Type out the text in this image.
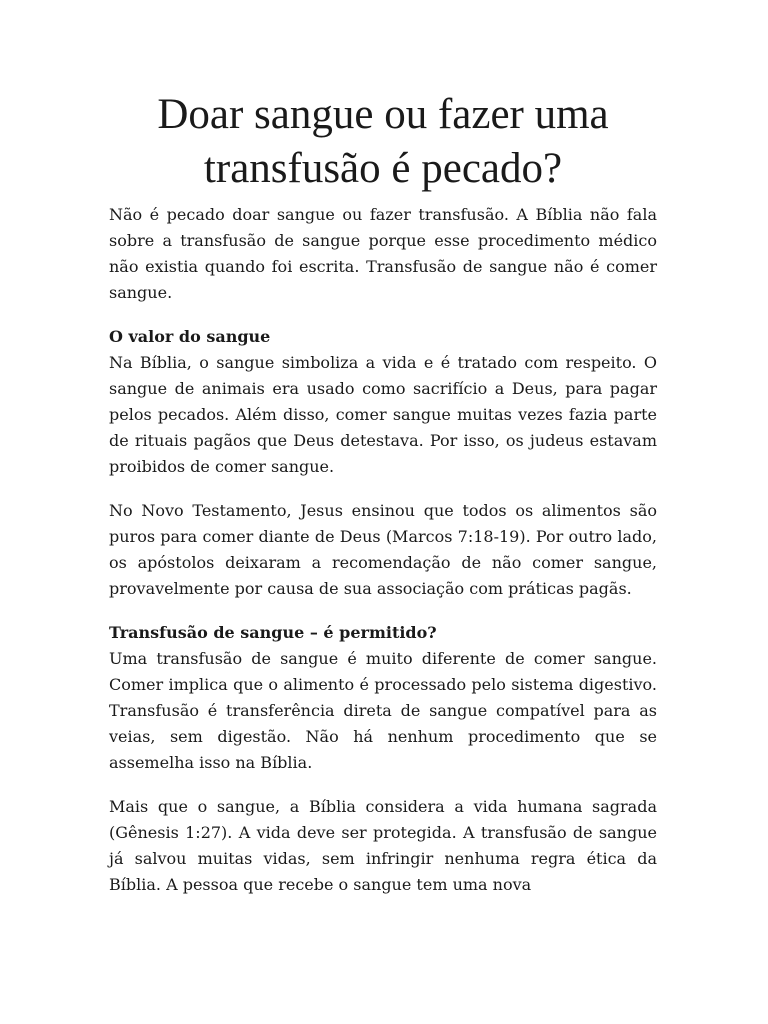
Doar sangue ou fazer uma
transfusão é pecado?

Não é pecado doar sangue ou fazer transfusão. A Bíblia não fala sobre a transfusão de sangue porque esse procedimento médico não existia quando foi escrita. Transfusão de sangue não é comer sangue.

O valor do sangue

Na Bíblia, o sangue simboliza a vida e é tratado com respeito. O sangue de animais era usado como sacrifício a Deus, para pagar pelos pecados. Além disso, comer sangue muitas vezes fazia parte de rituais pagãos que Deus detestava. Por isso, os judeus estavam proibidos de comer sangue.

No Novo Testamento, Jesus ensinou que todos os alimentos são puros para comer diante de Deus (Marcos 7:18-19). Por outro lado, os apóstolos deixaram a recomendação de não comer sangue, provavelmente por causa de sua associação com práticas pagãs.

Transfusão de sangue – é permitido?

Uma transfusão de sangue é muito diferente de comer sangue. Comer implica que o alimento é processado pelo sistema digestivo. Transfusão é transferência direta de sangue compatível para as veias, sem digestão. Não há nenhum procedimento que se assemelha isso na Bíblia.

Mais que o sangue, a Bíblia considera a vida humana sagrada (Gênesis 1:27). A vida deve ser protegida. A transfusão de sangue já salvou muitas vidas, sem infringir nenhuma regra ética da Bíblia. A pessoa que recebe o sangue tem uma nova
